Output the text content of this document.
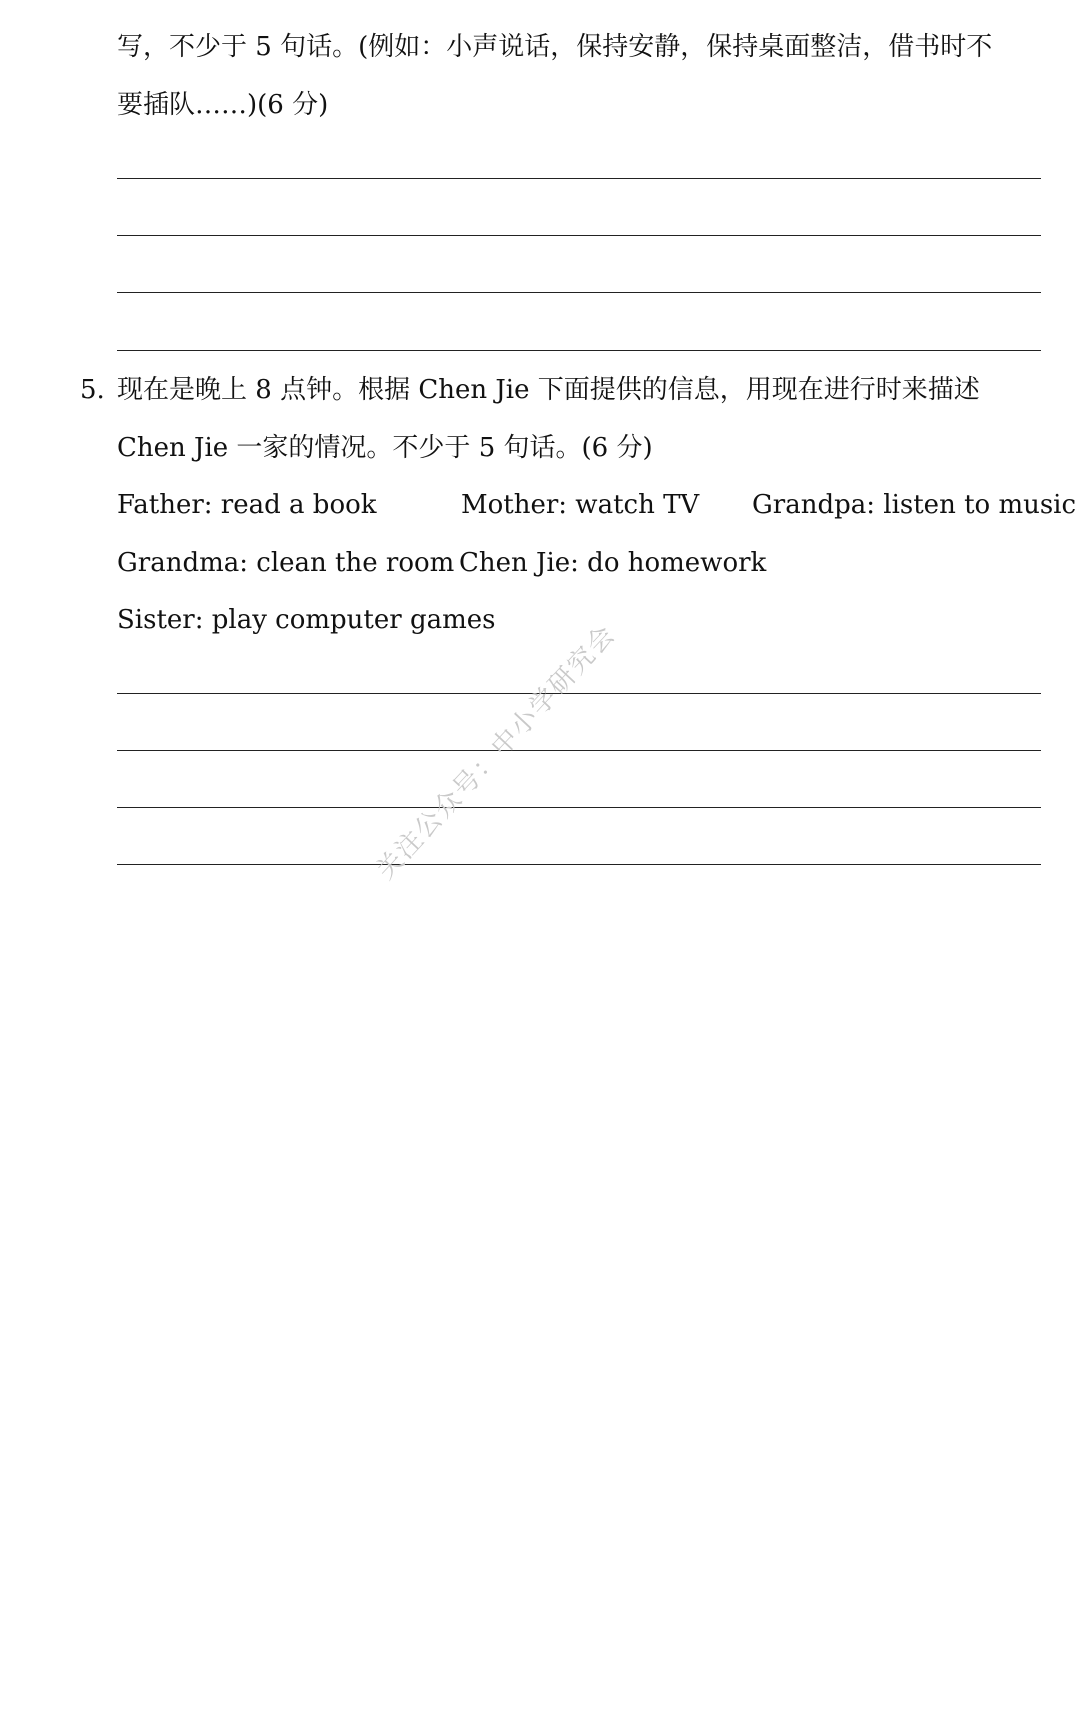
写，不少于 5 句话。(例如：小声说话，保持安静，保持桌面整洁，借书时不
要插队……)(6 分)
5. 现在是晚上 8 点钟。根据 Chen Jie 下面提供的信息，用现在进行时来描述
Chen Jie 一家的情况。不少于 5 句话。(6 分)
Father: read a book	Mother: watch TV Grandpa: listen to music
Grandma: clean the room Chen Jie: do homework
Sister: play computer games
关注公众号：中小学研究会
